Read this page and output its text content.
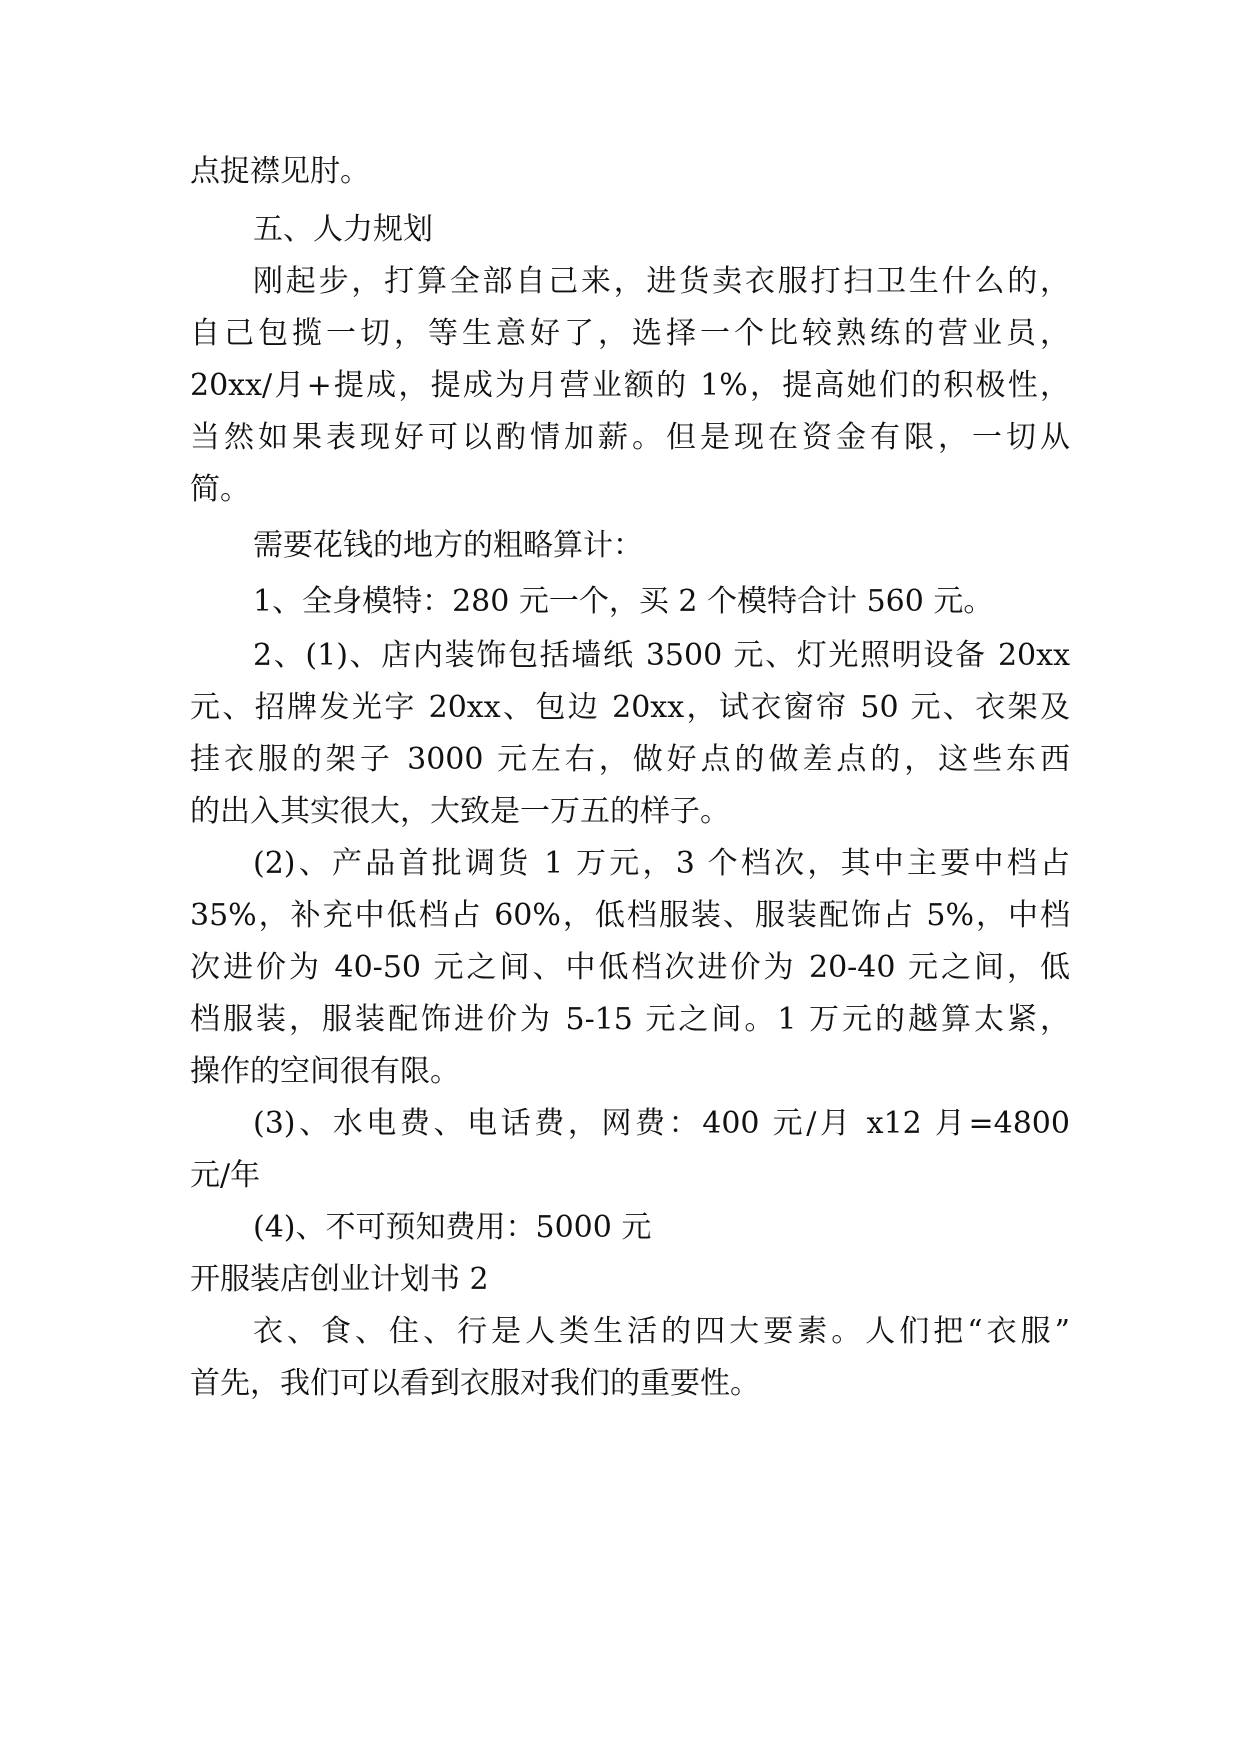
点捉襟见肘。
五、人力规划
刚起步，打算全部自己来，进货卖衣服打扫卫生什么的，
自己包揽一切，等生意好了，选择一个比较熟练的营业员，
20xx/月+提成，提成为月营业额的 1%，提高她们的积极性，
当然如果表现好可以酌情加薪。但是现在资金有限，一切从
简。
需要花钱的地方的粗略算计：
1、全身模特：280 元一个，买 2 个模特合计 560 元。
2、(1)、店内装饰包括墙纸 3500 元、灯光照明设备 20xx
元、招牌发光字 20xx、包边 20xx，试衣窗帘 50 元、衣架及
挂衣服的架子 3000 元左右，做好点的做差点的，这些东西
的出入其实很大，大致是一万五的样子。
(2)、产品首批调货 1 万元，3 个档次，其中主要中档占
35%，补充中低档占 60%，低档服装、服装配饰占 5%，中档
次进价为 40-50 元之间、中低档次进价为 20-40 元之间，低
档服装，服装配饰进价为 5-15 元之间。1 万元的越算太紧，
操作的空间很有限。
(3)、水电费、电话费，网费：400 元/月 x12 月=4800
元/年
(4)、不可预知费用：5000 元
开服装店创业计划书 2
衣、食、住、行是人类生活的四大要素。人们把“衣服”
首先，我们可以看到衣服对我们的重要性。
